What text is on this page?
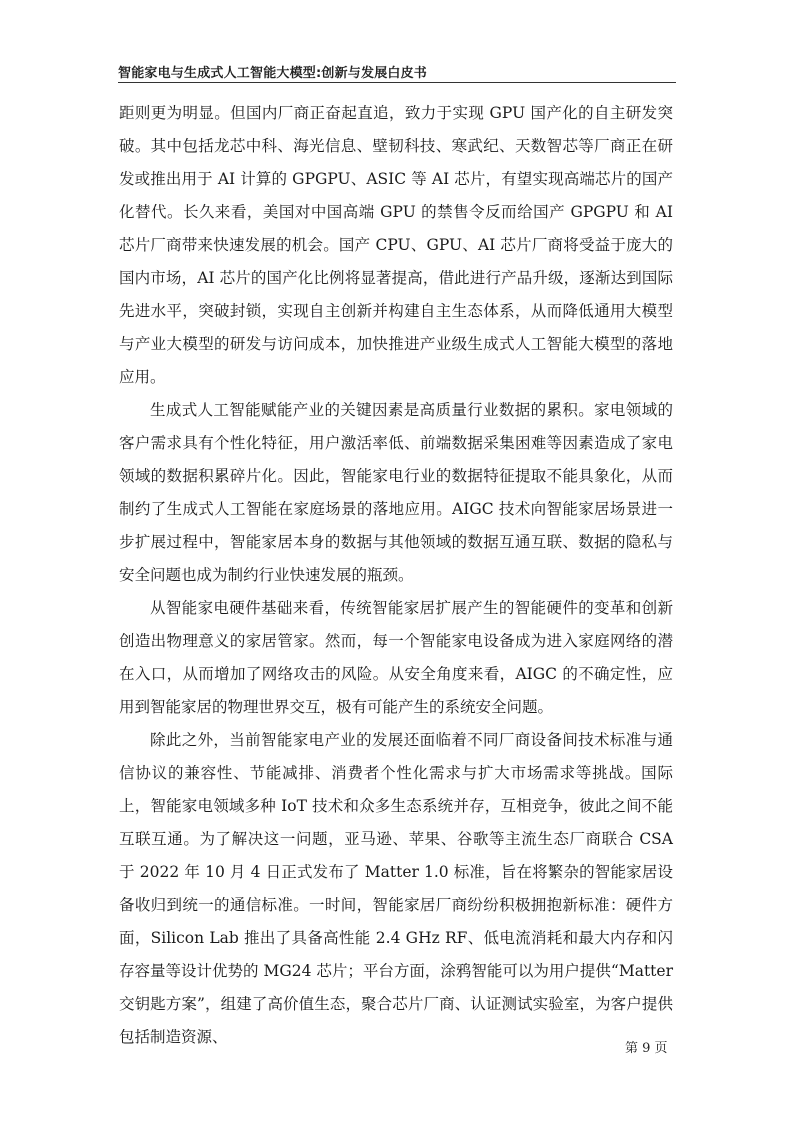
智能家电与生成式人工智能大模型:创新与发展白皮书

距则更为明显。但国内厂商正奋起直追，致力于实现 GPU 国产化的自主研发突破。其中包括龙芯中科、海光信息、壁韧科技、寒武纪、天数智芯等厂商正在研发或推出用于 AI 计算的 GPGPU、ASIC 等 AI 芯片，有望实现高端芯片的国产化替代。长久来看，美国对中国高端 GPU 的禁售令反而给国产 GPGPU 和 AI 芯片厂商带来快速发展的机会。国产 CPU、GPU、AI 芯片厂商将受益于庞大的国内市场，AI 芯片的国产化比例将显著提高，借此进行产品升级，逐渐达到国际先进水平，突破封锁，实现自主创新并构建自主生态体系，从而降低通用大模型与产业大模型的研发与访问成本，加快推进产业级生成式人工智能大模型的落地应用。

生成式人工智能赋能产业的关键因素是高质量行业数据的累积。家电领域的客户需求具有个性化特征，用户激活率低、前端数据采集困难等因素造成了家电领域的数据积累碎片化。因此，智能家电行业的数据特征提取不能具象化，从而制约了生成式人工智能在家庭场景的落地应用。AIGC 技术向智能家居场景进一步扩展过程中，智能家居本身的数据与其他领域的数据互通互联、数据的隐私与安全问题也成为制约行业快速发展的瓶颈。

从智能家电硬件基础来看，传统智能家居扩展产生的智能硬件的变革和创新创造出物理意义的家居管家。然而，每一个智能家电设备成为进入家庭网络的潜在入口，从而增加了网络攻击的风险。从安全角度来看，AIGC 的不确定性，应用到智能家居的物理世界交互，极有可能产生的系统安全问题。

除此之外，当前智能家电产业的发展还面临着不同厂商设备间技术标准与通信协议的兼容性、节能减排、消费者个性化需求与扩大市场需求等挑战。国际上，智能家电领域多种 IoT 技术和众多生态系统并存，互相竞争，彼此之间不能互联互通。为了解决这一问题，亚马逊、苹果、谷歌等主流生态厂商联合 CSA 于 2022 年 10 月 4 日正式发布了 Matter 1.0 标准，旨在将繁杂的智能家居设备收归到统一的通信标准。一时间，智能家居厂商纷纷积极拥抱新标准：硬件方面，Silicon Lab 推出了具备高性能 2.4 GHz RF、低电流消耗和最大内存和闪存容量等设计优势的 MG24 芯片；平台方面，涂鸦智能可以为用户提供“Matter 交钥匙方案”，组建了高价值生态，聚合芯片厂商、认证测试实验室，为客户提供包括制造资源、

第 9 页
